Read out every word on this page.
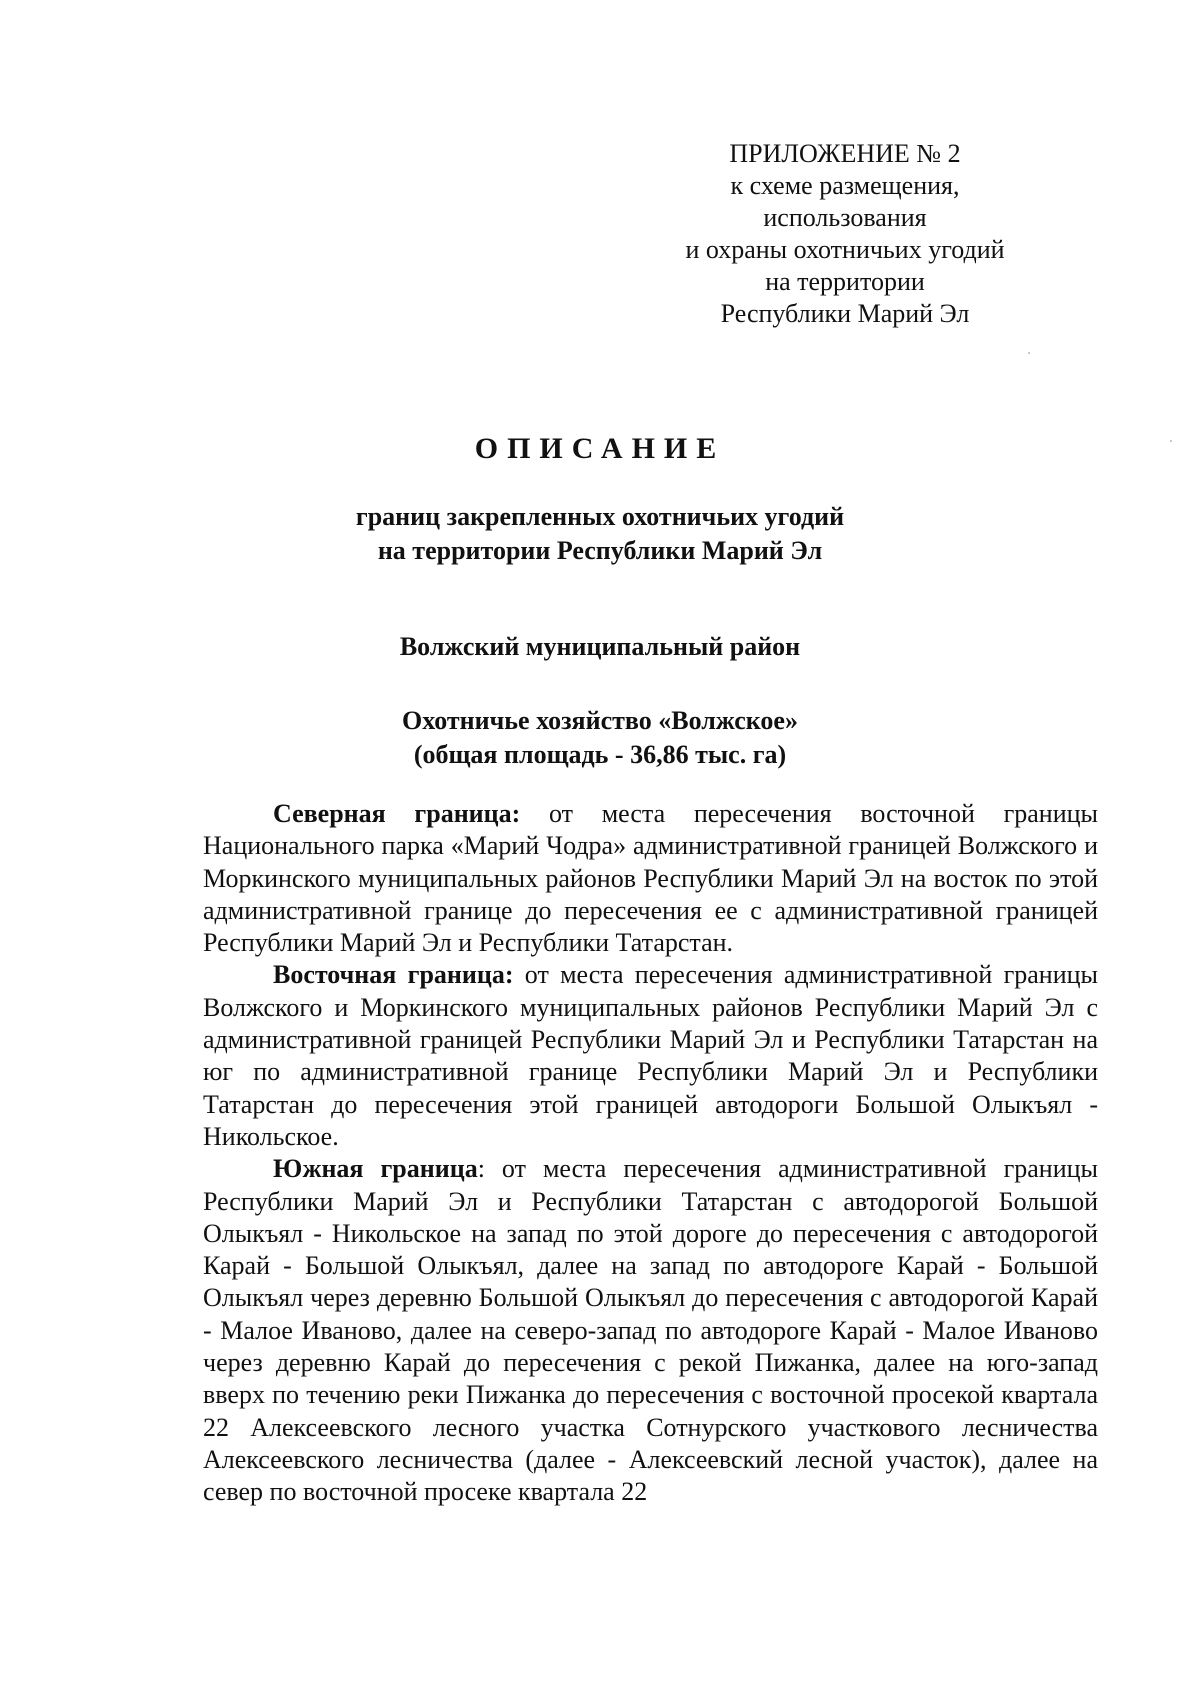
ПРИЛОЖЕНИЕ № 2
к схеме размещения,
использования
и охраны охотничьих угодий
на территории
Республики Марий Эл
ОПИСАНИЕ
границ закрепленных охотничьих угодий
на территории Республики Марий Эл
Волжский муниципальный район
Охотничье хозяйство «Волжское»
(общая площадь - 36,86 тыс. га)

Северная граница: от места пересечения восточной границы Национального парка «Марий Чодра» административной границей Волжского и Моркинского муниципальных районов Республики Марий Эл на восток по этой административной границе до пересечения ее с административной границей Республики Марий Эл и Республики Татарстан.

Восточная граница: от места пересечения административной границы Волжского и Моркинского муниципальных районов Республики Марий Эл с административной границей Республики Марий Эл и Республики Татарстан на юг по административной границе Республики Марий Эл и Республики Татарстан до пересечения этой границей автодороги Большой Олыкъял - Никольское.

Южная граница: от места пересечения административной границы Республики Марий Эл и Республики Татарстан с автодорогой Большой Олыкъял - Никольское на запад по этой дороге до пересечения с автодорогой Карай - Большой Олыкъял, далее на запад по автодороге Карай - Большой Олыкъял через деревню Большой Олыкъял до пересечения с автодорогой Карай - Малое Иваново, далее на северо-запад по автодороге Карай - Малое Иваново через деревню Карай до пересечения с рекой Пижанка, далее на юго-запад вверх по течению реки Пижанка до пересечения с восточной просекой квартала 22 Алексеевского лесного участка Сотнурского участкового лесничества Алексеевского лесничества (далее - Алексеевский лесной участок), далее на север по восточной просеке квартала 22
